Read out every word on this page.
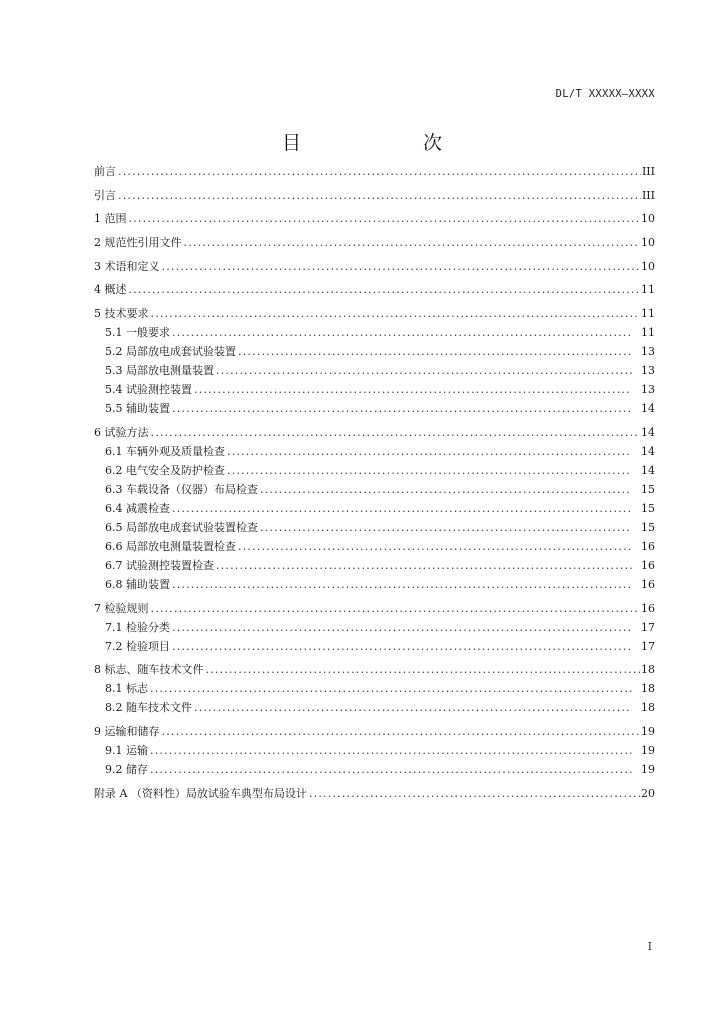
DL/T XXXXX—XXXX
目　　次
前言 .....	III
引言 .....	III
1 范围 .....	10
2 规范性引用文件 .....	10
3 术语和定义 .....	10
4 概述 .....	11
5 技术要求 .....	11
5.1 一般要求 .....	11
5.2 局部放电成套试验装置 .....	13
5.3 局部放电测量装置 .....	13
5.4 试验测控装置 .....	13
5.5 辅助装置 .....	14
6 试验方法 .....	14
6.1 车辆外观及质量检查 .....	14
6.2 电气安全及防护检查 .....	14
6.3 车载设备（仪器）布局检查 .....	15
6.4 减震检查 .....	15
6.5 局部放电成套试验装置检查 .....	15
6.6 局部放电测量装置检查 .....	16
6.7 试验测控装置检查 .....	16
6.8 辅助装置 .....	16
7 检验规则 .....	16
7.1 检验分类 .....	17
7.2 检验项目 .....	17
8 标志、随车技术文件 .....	18
8.1 标志 .....	18
8.2 随车技术文件 .....	18
9 运输和储存 .....	19
9.1 运输 .....	19
9.2 储存 .....	19
附录 A （资料性）局放试验车典型布局设计 .....	20
I
